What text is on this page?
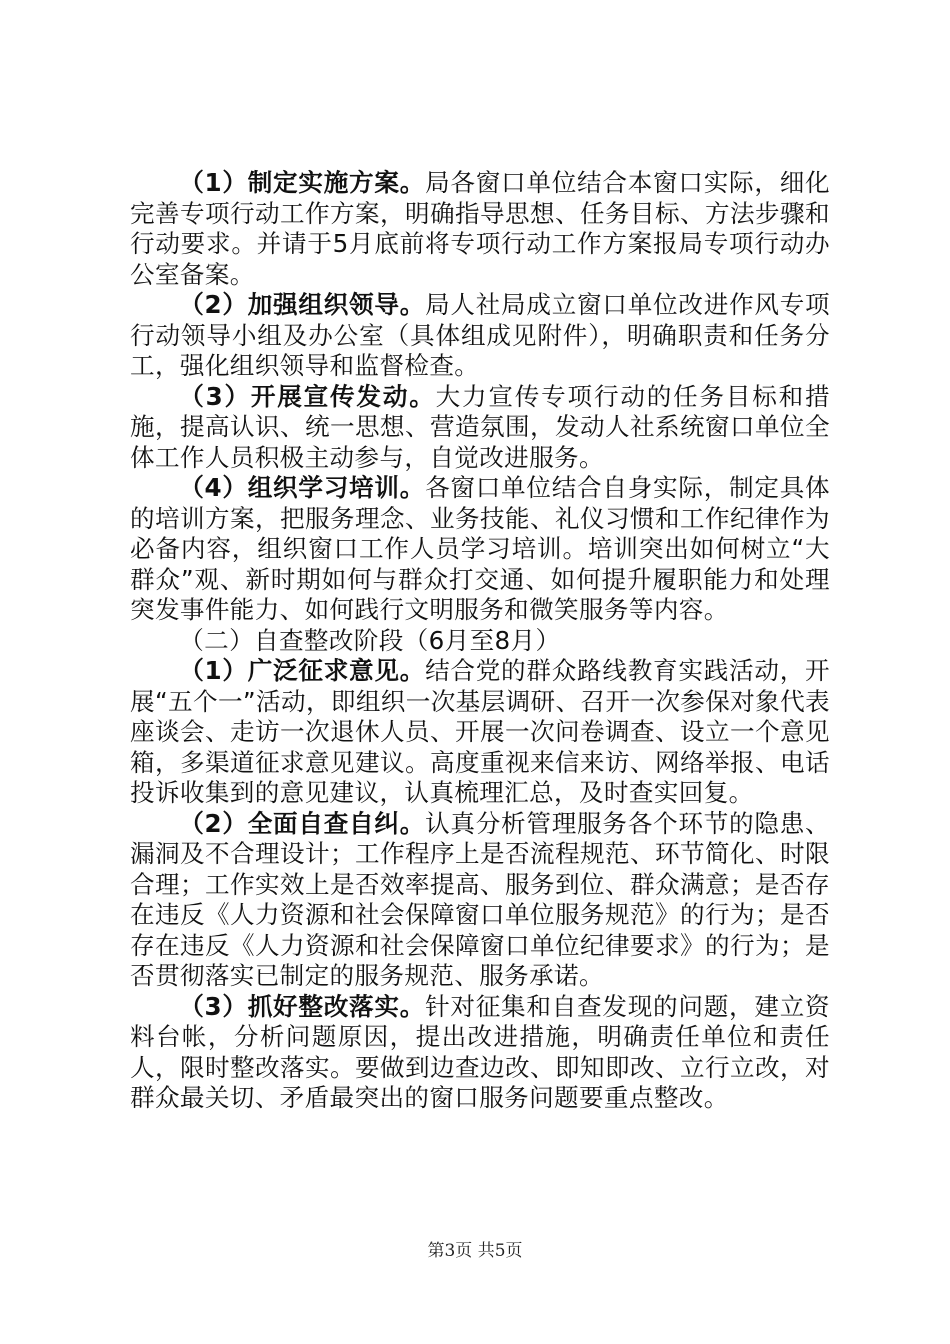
（1）制定实施方案。局各窗口单位结合本窗口实际，细化完善专项行动工作方案，明确指导思想、任务目标、方法步骤和行动要求。并请于5月底前将专项行动工作方案报局专项行动办公室备案。

（2）加强组织领导。局人社局成立窗口单位改进作风专项行动领导小组及办公室（具体组成见附件），明确职责和任务分工，强化组织领导和监督检查。

（3）开展宣传发动。大力宣传专项行动的任务目标和措施，提高认识、统一思想、营造氛围，发动人社系统窗口单位全体工作人员积极主动参与，自觉改进服务。

（4）组织学习培训。各窗口单位结合自身实际，制定具体的培训方案，把服务理念、业务技能、礼仪习惯和工作纪律作为必备内容，组织窗口工作人员学习培训。培训突出如何树立“大群众”观、新时期如何与群众打交通、如何提升履职能力和处理突发事件能力、如何践行文明服务和微笑服务等内容。

（二）自查整改阶段（6月至8月）

（1）广泛征求意见。结合党的群众路线教育实践活动，开展“五个一”活动，即组织一次基层调研、召开一次参保对象代表座谈会、走访一次退休人员、开展一次问卷调查、设立一个意见箱，多渠道征求意见建议。高度重视来信来访、网络举报、电话投诉收集到的意见建议，认真梳理汇总，及时查实回复。

（2）全面自查自纠。认真分析管理服务各个环节的隐患、漏洞及不合理设计；工作程序上是否流程规范、环节简化、时限合理；工作实效上是否效率提高、服务到位、群众满意；是否存在违反《人力资源和社会保障窗口单位服务规范》的行为；是否存在违反《人力资源和社会保障窗口单位纪律要求》的行为；是否贯彻落实已制定的服务规范、服务承诺。

（3）抓好整改落实。针对征集和自查发现的问题，建立资料台帐，分析问题原因，提出改进措施，明确责任单位和责任人，限时整改落实。要做到边查边改、即知即改、立行立改，对群众最关切、矛盾最突出的窗口服务问题要重点整改。

第3页 共5页
